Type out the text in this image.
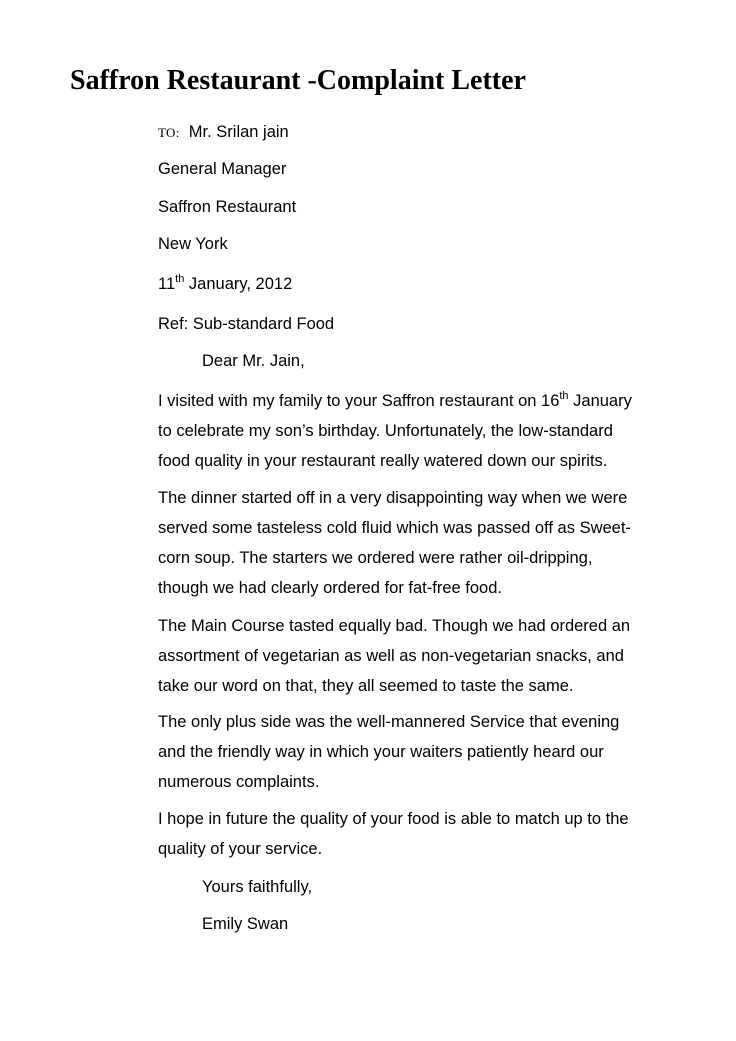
Saffron Restaurant -Complaint Letter

TO: Mr. Srilan jain

General Manager

Saffron Restaurant

New York

11th January, 2012

Ref: Sub-standard Food

Dear Mr. Jain,

I visited with my family to your Saffron restaurant on 16th January
to celebrate my son’s birthday. Unfortunately, the low-standard
food quality in your restaurant really watered down our spirits.
The dinner started off in a very disappointing way when we were
served some tasteless cold fluid which was passed off as Sweet-
corn soup. The starters we ordered were rather oil-dripping,
though we had clearly ordered for fat-free food.
The Main Course tasted equally bad. Though we had ordered an
assortment of vegetarian as well as non-vegetarian snacks, and
take our word on that, they all seemed to taste the same.
The only plus side was the well-mannered Service that evening
and the friendly way in which your waiters patiently heard our
numerous complaints.
I hope in future the quality of your food is able to match up to the
quality of your service.

Yours faithfully,

Emily Swan
